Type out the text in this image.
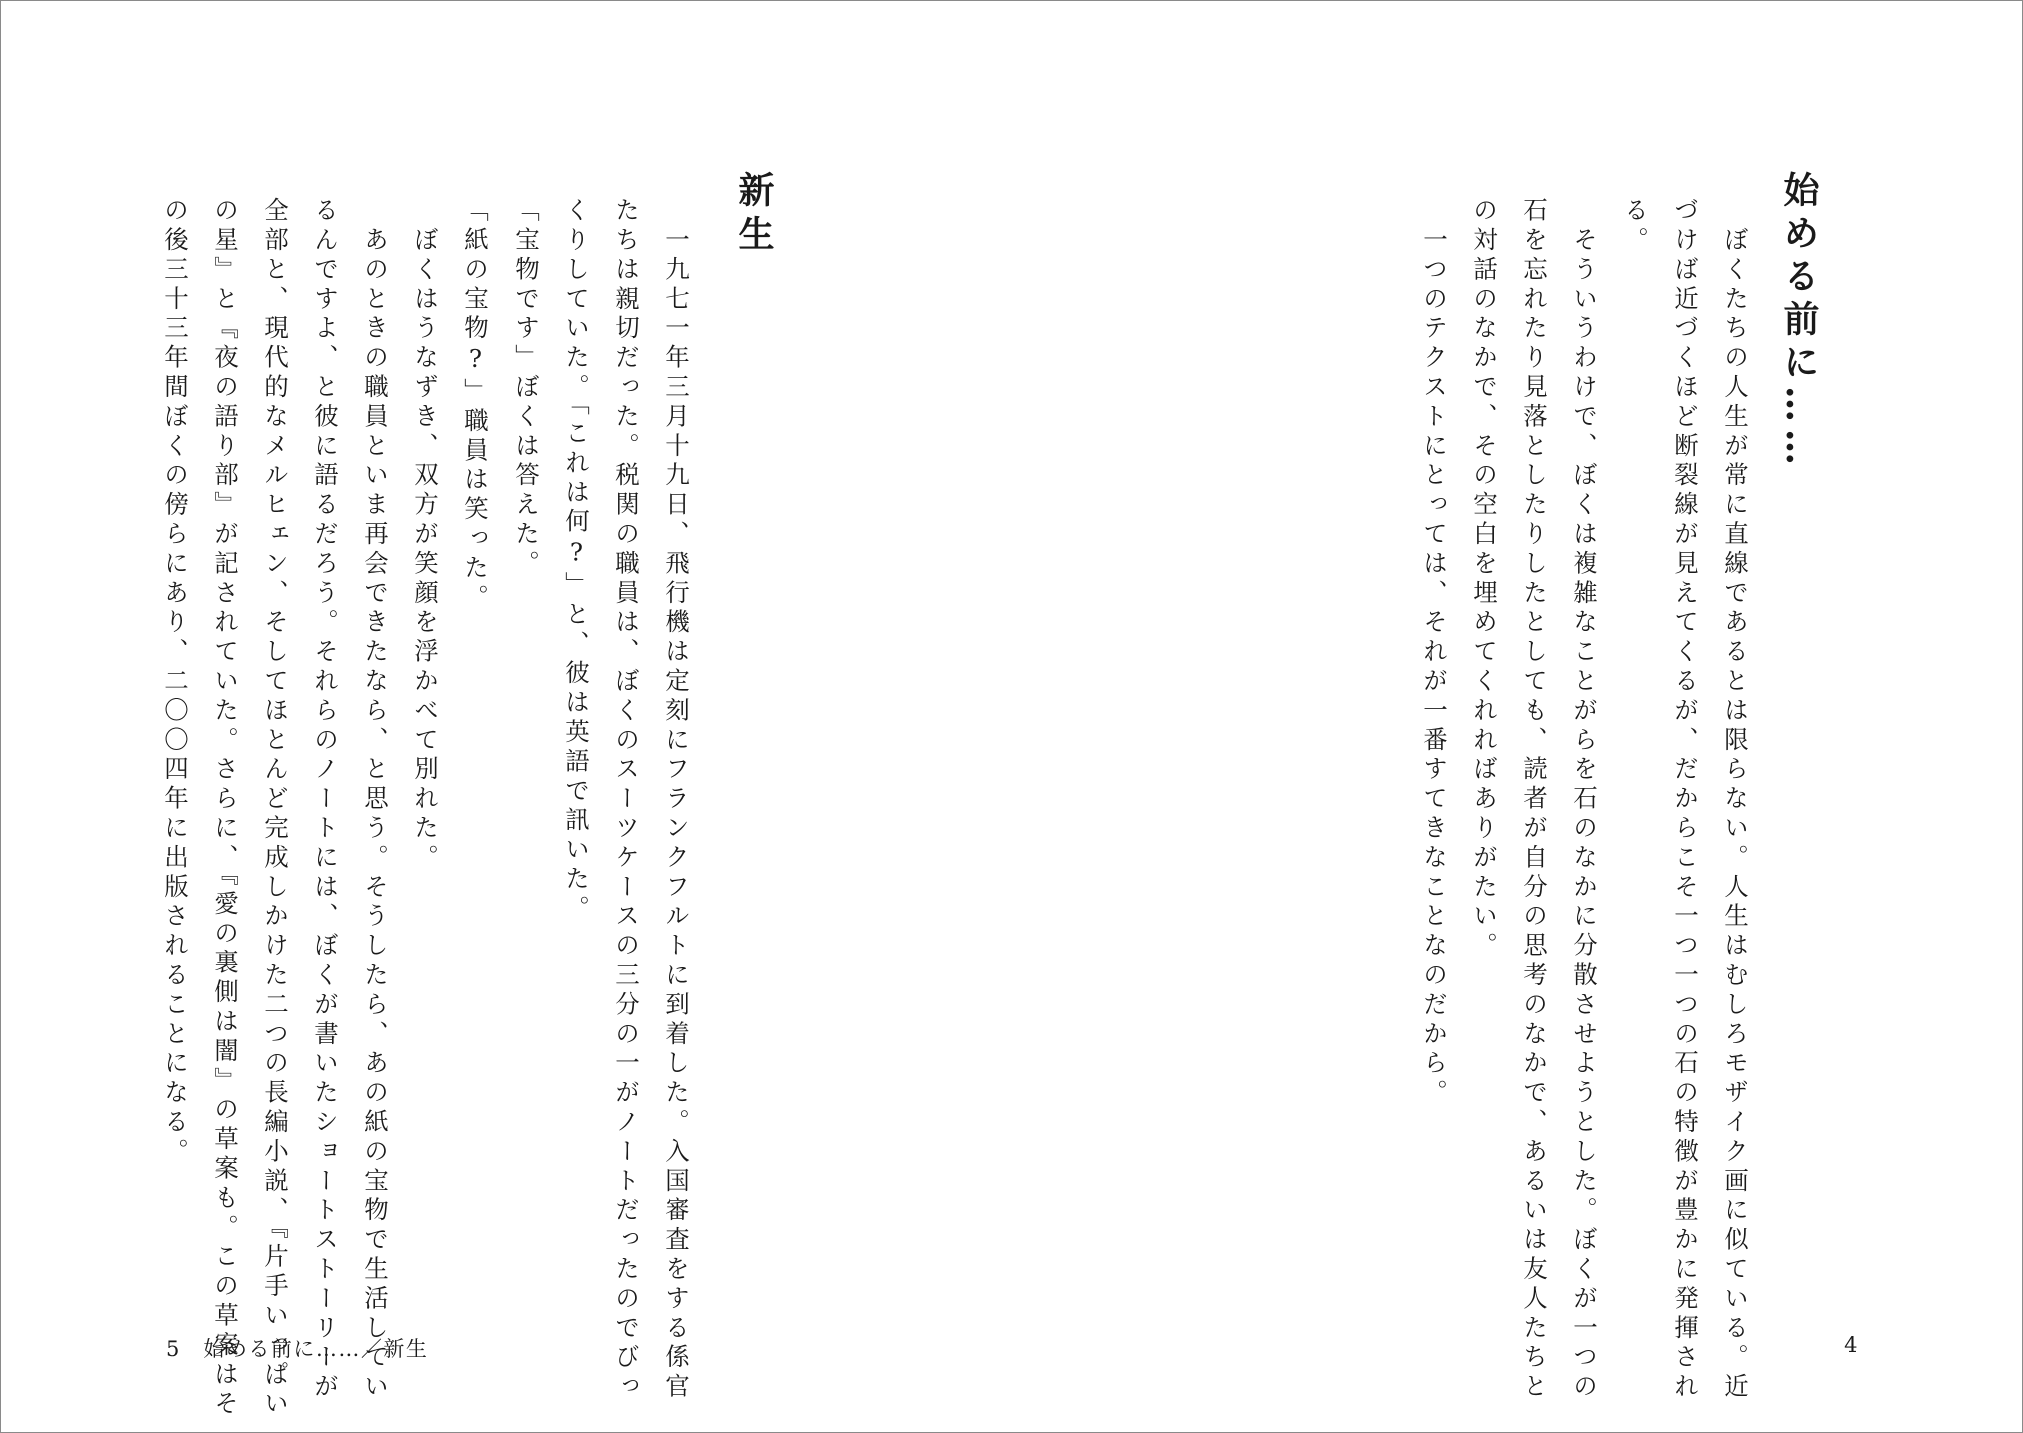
始める前に……
　ぼくたちの人生が常に直線であるとは限らない。人生はむしろモザイク画に似ている。近
づけば近づくほど断裂線が見えてくるが、だからこそ一つ一つの石の特徴が豊かに発揮され
る。
　そういうわけで、ぼくは複雑なことがらを石のなかに分散させようとした。ぼくが一つの
石を忘れたり見落としたりしたとしても、読者が自分の思考のなかで、あるいは友人たちと
の対話のなかで、その空白を埋めてくれればありがたい。
　一つのテクストにとっては、それが一番すてきなことなのだから。
新生
　一九七一年三月十九日、飛行機は定刻にフランクフルトに到着した。入国審査をする係官
たちは親切だった。税関の職員は、ぼくのスーツケースの三分の一がノートだったのでびっ
くりしていた。「これは何?」と、彼は英語で訊いた。
「宝物です」ぼくは答えた。
「紙の宝物?」職員は笑った。
　ぼくはうなずき、双方が笑顔を浮かべて別れた。
　あのときの職員といま再会できたなら、と思う。そうしたら、あの紙の宝物で生活してい
るんですよ、と彼に語るだろう。それらのノートには、ぼくが書いたショートストーリーが
全部と、現代的なメルヒェン、そしてほとんど完成しかけた二つの長編小説、『片手いっぱい
の星』と『夜の語り部』が記されていた。さらに、『愛の裏側は闇』の草案も。この草案はそ
の後三十三年間ぼくの傍らにあり、二〇〇四年に出版されることになる。
5　始める前に……／新生	4
